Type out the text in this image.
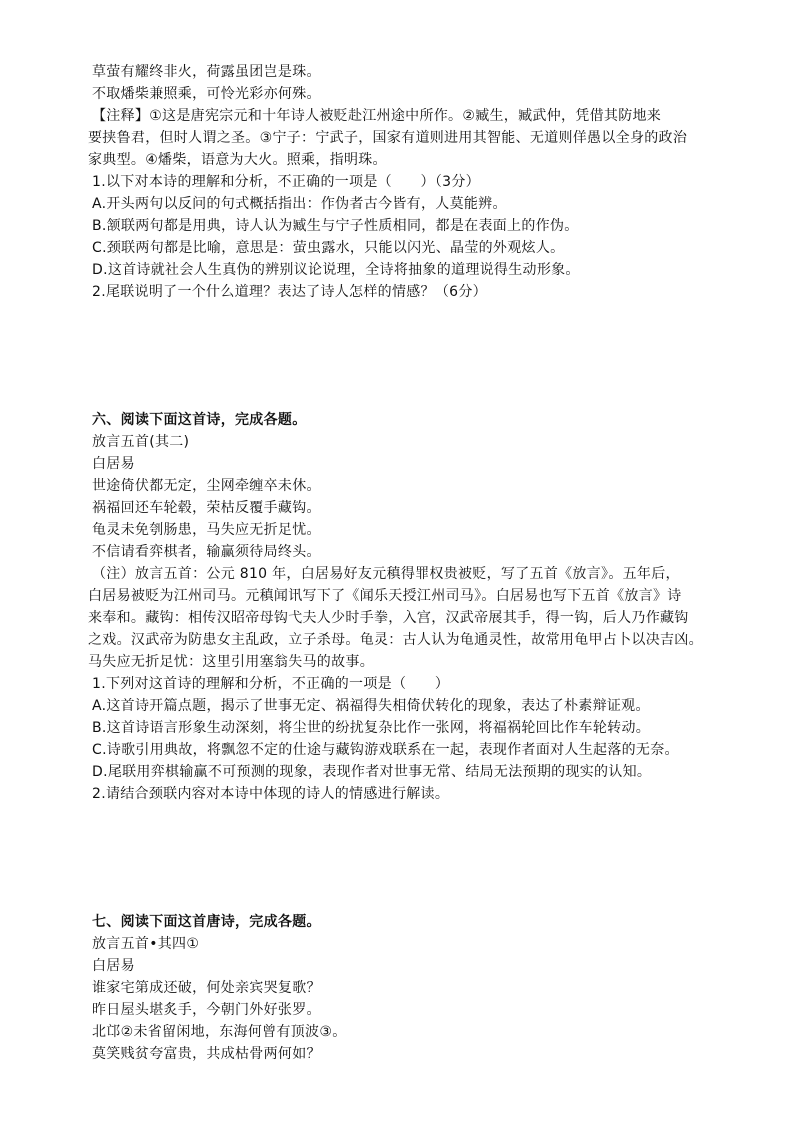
草萤有耀终非火，荷露虽团岂是珠。
不取燔柴兼照乘，可怜光彩亦何殊。
【注释】①这是唐宪宗元和十年诗人被贬赴江州途中所作。②臧生，臧武仲，凭借其防地来
要挟鲁君，但时人谓之圣。③宁子：宁武子，国家有道则进用其智能、无道则佯愚以全身的政治
家典型。④燔柴，语意为大火。照乘，指明珠。
1.以下对本诗的理解和分析，不正确的一项是（　　）（3分）
A.开头两句以反问的句式概括指出：作伪者古今皆有，人莫能辨。
B.颔联两句都是用典，诗人认为臧生与宁子性质相同，都是在表面上的作伪。
C.颈联两句都是比喻，意思是：萤虫露水，只能以闪光、晶莹的外观炫人。
D.这首诗就社会人生真伪的辨别议论说理，全诗将抽象的道理说得生动形象。
2.尾联说明了一个什么道理？表达了诗人怎样的情感？（6分）
六、阅读下面这首诗，完成各题。
放言五首(其二)
白居易
世途倚伏都无定，尘网牵缠卒未休。
祸福回还车轮毂，荣枯反覆手藏钩。
龟灵未免刳肠患，马失应无折足忧。
不信请看弈棋者，输赢须待局终头。
（注）放言五首：公元 810 年，白居易好友元稹得罪权贵被贬，写了五首《放言》。五年后，
白居易被贬为江州司马。元稹闻讯写下了《闻乐天授江州司马》。白居易也写下五首《放言》诗
来奉和。藏钩：相传汉昭帝母钩弋夫人少时手拳，入宫，汉武帝展其手，得一钩，后人乃作藏钩
之戏。汉武帝为防患女主乱政，立子杀母。龟灵：古人认为龟通灵性，故常用龟甲占卜以决吉凶。
马失应无折足忧：这里引用塞翁失马的故事。
1.下列对这首诗的理解和分析，不正确的一项是（　　）
A.这首诗开篇点题，揭示了世事无定、祸福得失相倚伏转化的现象，表达了朴素辩证观。
B.这首诗语言形象生动深刻，将尘世的纷扰复杂比作一张网，将福祸轮回比作车轮转动。
C.诗歌引用典故，将飘忽不定的仕途与藏钩游戏联系在一起，表现作者面对人生起落的无奈。
D.尾联用弈棋输赢不可预测的现象，表现作者对世事无常、结局无法预期的现实的认知。
2.请结合颈联内容对本诗中体现的诗人的情感进行解读。
七、阅读下面这首唐诗，完成各题。
放言五首•其四①
白居易
谁家宅第成还破，何处亲宾哭复歌？
昨日屋头堪炙手，今朝门外好张罗。
北邙②未省留闲地，东海何曾有顶波③。
莫笑贱贫夸富贵，共成枯骨两何如？
